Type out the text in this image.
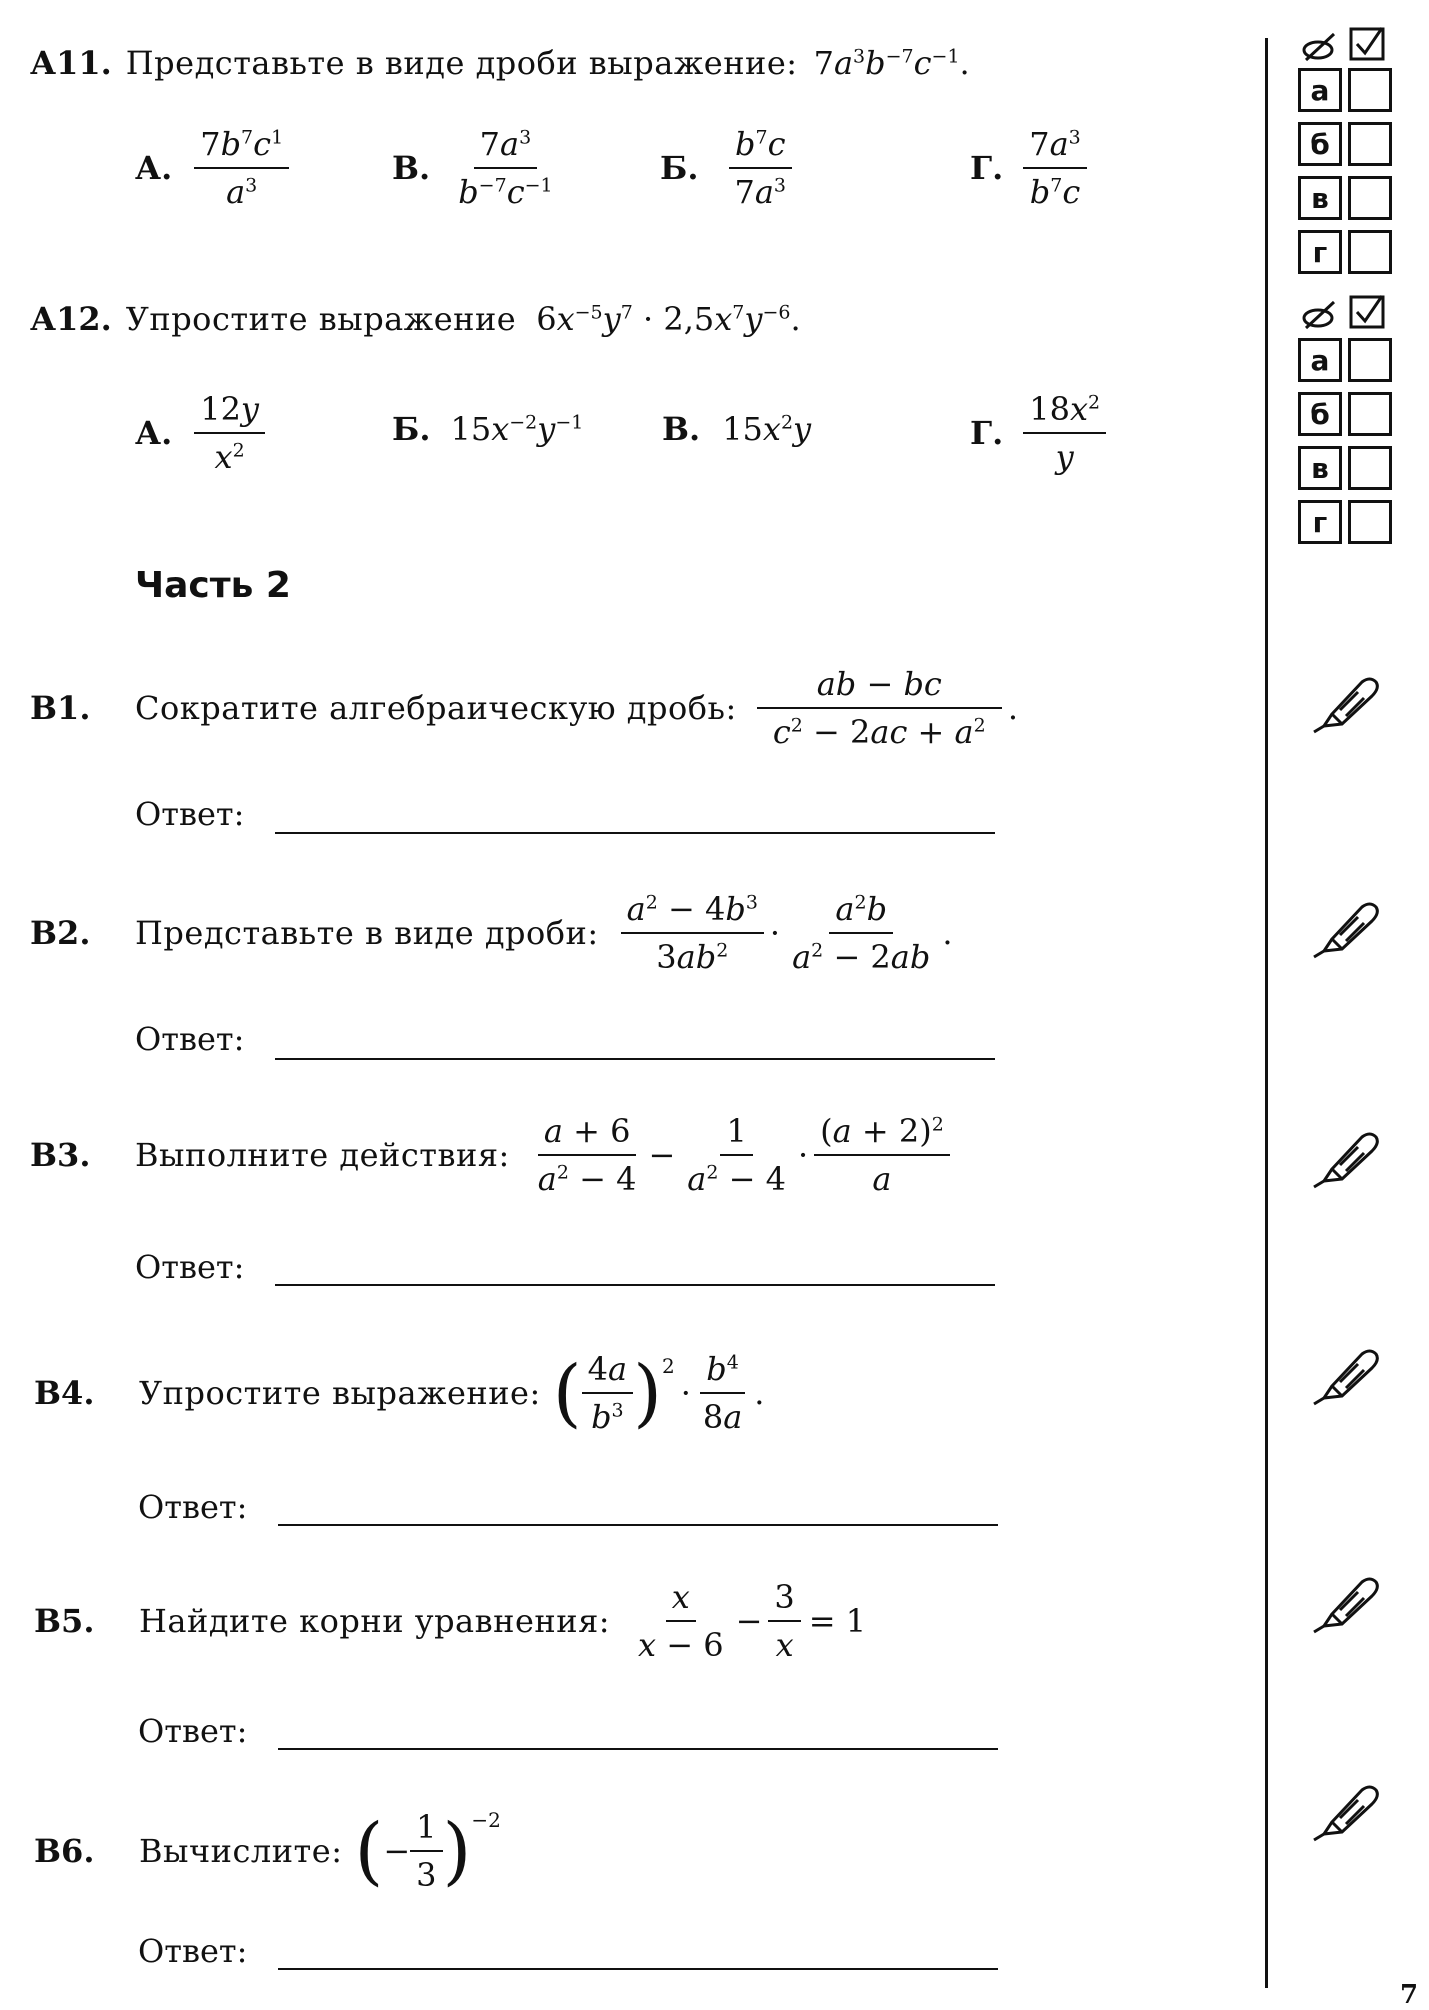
А11. Представьте в виде дроби выражение: $7a^3b^{-7}c^{-1}$.
А. $\frac{7b^7c^1}{a^3}$	В. $\frac{7a^3}{b^{-7}c^{-1}}$	Б. $\frac{b^7c}{7a^3}$	Г. $\frac{7a^3}{b^7c}$
А12. Упростите выражение $6x^{-5}y^7 \cdot 2,5x^7y^{-6}$.
А. $\frac{12y}{x^2}$	Б. $15x^{-2}y^{-1}$ В. $15x^2y$	Г. $\frac{18x^2}{y}$
Часть 2
В1.	Сократите алгебраическую дробь: $\frac{ab - bc}{c^2 - 2ac + a^2}$ .
Ответ:
В2.	Представьте в виде дроби: $\frac{a^2 - 4b^3}{3ab^2} \cdot \frac{a^2b}{a^2 - 2ab}$ .
Ответ:
В3.	Выполните действия: $\frac{a + 6}{a^2 - 4} - \frac{1}{a^2 - 4} \cdot \frac{(a + 2)^2}{a}$
Ответ:
В4.	Упростите выражение: ( $\frac{4a}{b^3}$ ) 2
· $\frac{b^4}{8a}$ .
Ответ:
В5.	Найдите корни уравнения: $\frac{x}{x - 6} - \frac{3}{x} = 1$
Ответ:
В6.	Вычислите: ( − $\frac{1}{3}$ ) −2
Ответ:
а
б
в
г
а
б
в
г
7
